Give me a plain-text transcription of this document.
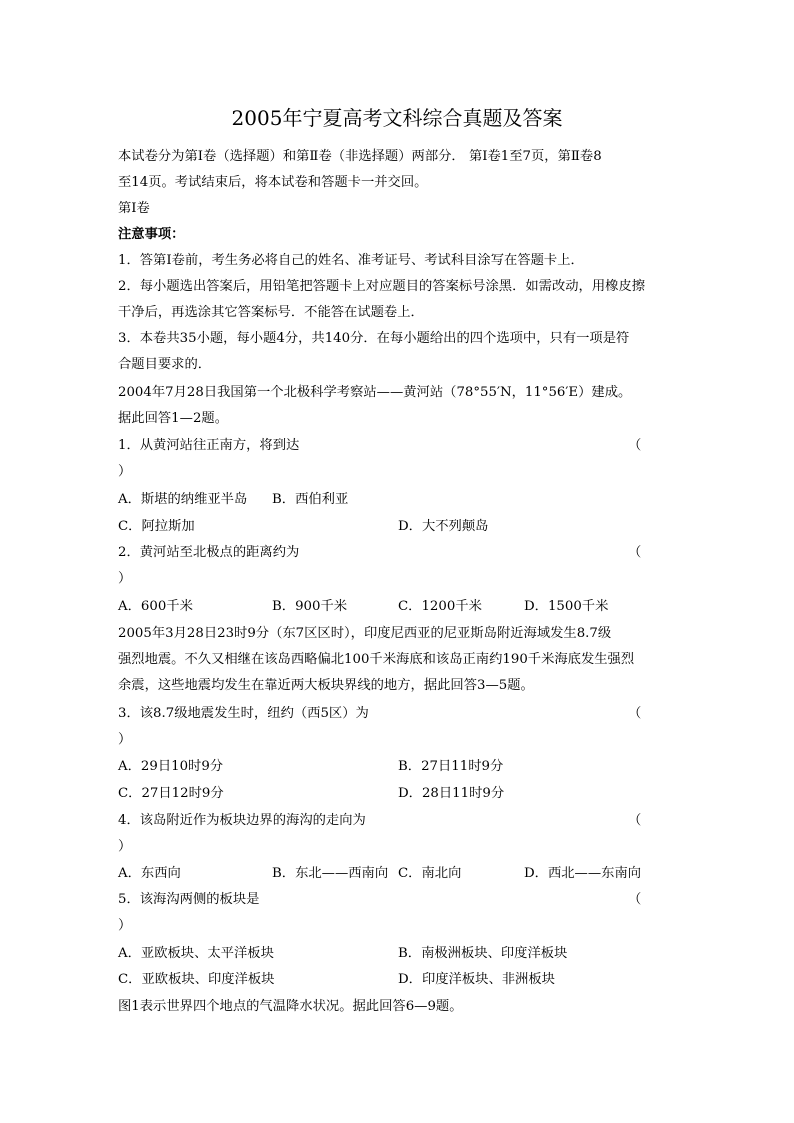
2005年宁夏高考文科综合真题及答案
本试卷分为第Ⅰ卷（选择题）和第Ⅱ卷（非选择题）两部分． 第Ⅰ卷1至7页，第Ⅱ卷8
至14页。考试结束后，将本试卷和答题卡一并交回。
第Ⅰ卷
注意事项：
1．答第Ⅰ卷前，考生务必将自己的姓名、准考证号、考试科目涂写在答题卡上．
2．每小题选出答案后，用铅笔把答题卡上对应题目的答案标号涂黑．如需改动，用橡皮擦
干净后，再选涂其它答案标号．不能答在试题卷上．
3．本卷共35小题，每小题4分，共140分．在每小题给出的四个选项中，只有一项是符
合题目要求的．
2004年7月28日我国第一个北极科学考察站——黄河站（78°55′N，11°56′E）建成。
据此回答1—2题。
1．从黄河站往正南方，将到达	（
）
A．斯堪的纳维亚半岛 B．西伯利亚
C．阿拉斯加	D．大不列颠岛
2．黄河站至北极点的距离约为	（
）
A．600千米	B．900千米	C．1200千米	D．1500千米
2005年3月28日23时9分（东7区区时），印度尼西亚的尼亚斯岛附近海域发生8.7级
强烈地震。不久又相继在该岛西略偏北100千米海底和该岛正南约190千米海底发生强烈
余震，这些地震均发生在靠近两大板块界线的地方，据此回答3—5题。
3．该8.7级地震发生时，纽约（西5区）为	（
）
A．29日10时9分	B．27日11时9分
C．27日12时9分	D．28日11时9分
4．该岛附近作为板块边界的海沟的走向为	（
）
A．东西向	B．东北——西南向 C．南北向	D．西北——东南向
5．该海沟两侧的板块是	（
）
A．亚欧板块、太平洋板块	B．南极洲板块、印度洋板块
C．亚欧板块、印度洋板块	D．印度洋板块、非洲板块
图1表示世界四个地点的气温降水状况。据此回答6—9题。
